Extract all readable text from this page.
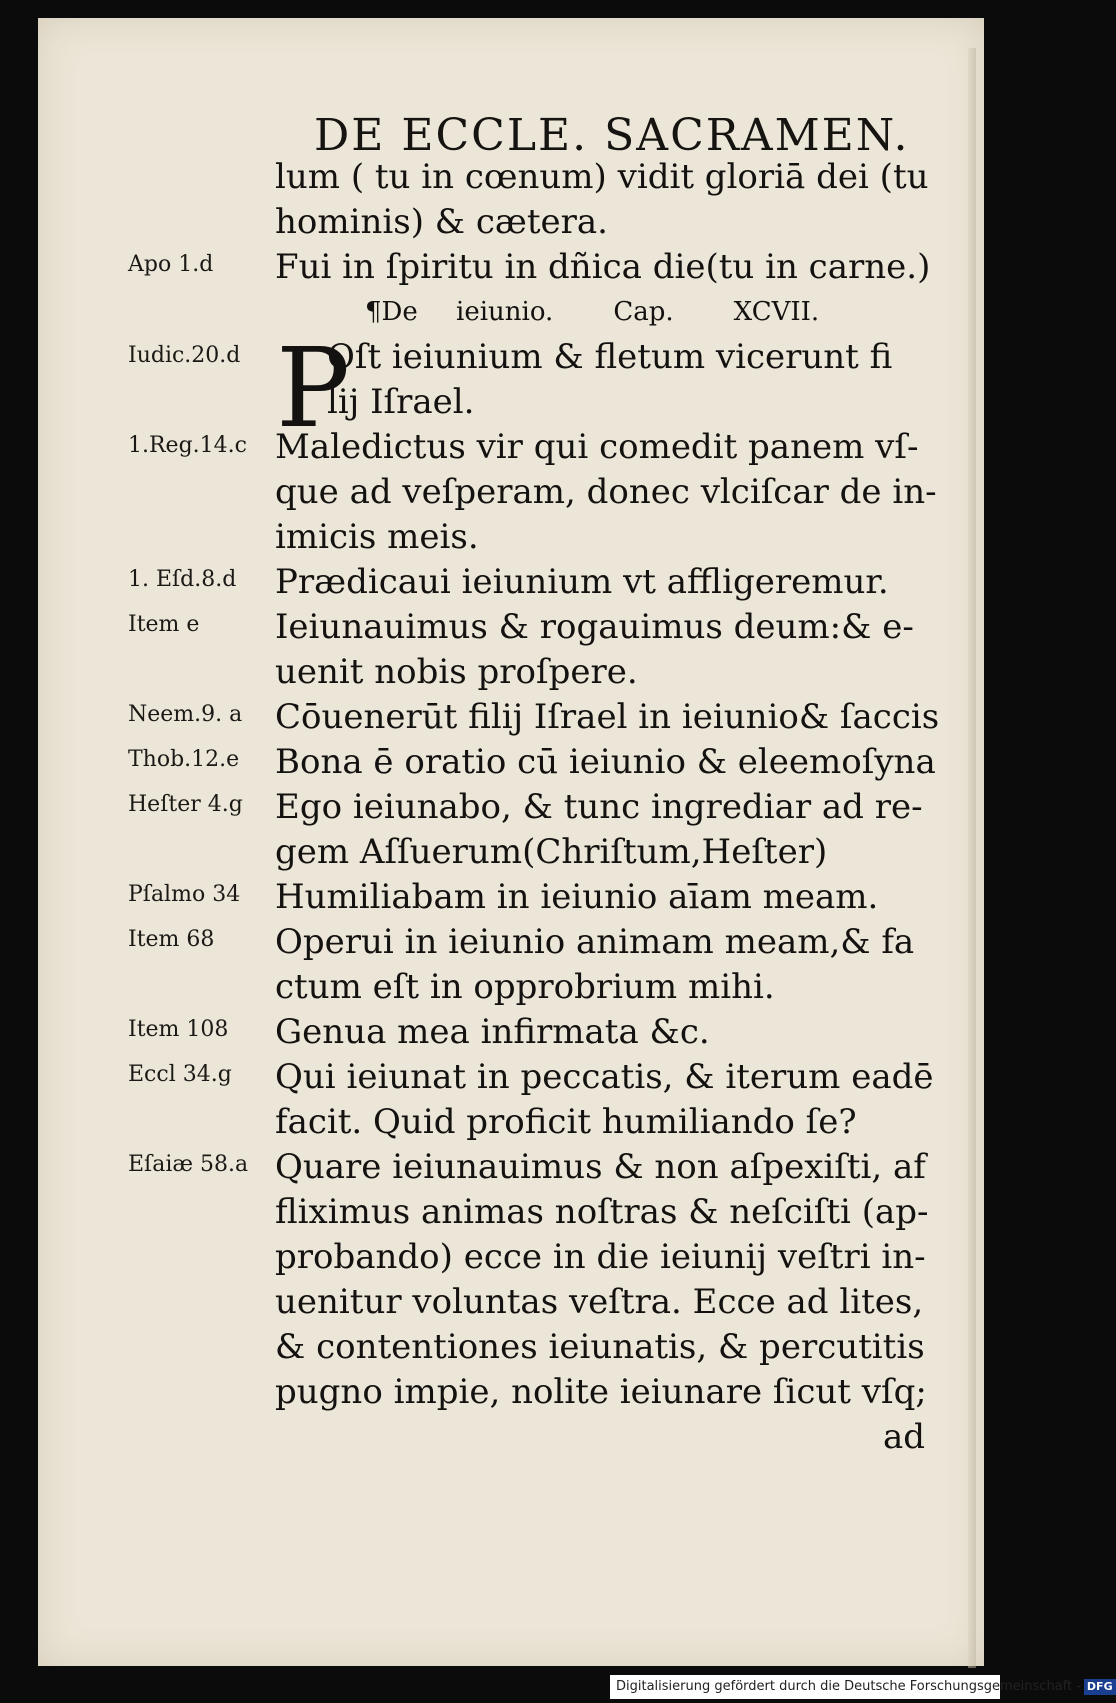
DE ECCLE. SACRAMEN.
P
lum ( tu in cœnum) vidit gloriā dei (tu
hominis) & cætera.
Fui in ſpiritu in dñica die(tu in carne.)
¶De ieiunio. Cap. XCVII.
Oſt ieiunium & fletum vicerunt fi
lij Iſrael.
Maledictus vir qui comedit panem vſ-
que ad veſperam, donec vlciſcar de in-
imicis meis.
Prædicaui ieiunium vt affligeremur.
Ieiunauimus & rogauimus deum:& e-
uenit nobis proſpere.
Cōuenerūt filij Iſrael in ieiunio& ſaccis
Bona ē oratio cū ieiunio & eleemoſyna
Ego ieiunabo, & tunc ingrediar ad re-
gem Aſſuerum(Chriſtum,Heſter)
Humiliabam in ieiunio aīam meam.
Operui in ieiunio animam meam,& fa
ctum eſt in opprobrium mihi.
Genua mea infirmata &c.
Qui ieiunat in peccatis, & iterum eadē
facit. Quid proficit humiliando ſe?
Quare ieiunauimus & non aſpexiſti, af
fliximus animas noſtras & neſciſti (ap-
probando) ecce in die ieiunij veſtri in-
uenitur voluntas veſtra. Ecce ad lites,
& contentiones ieiunatis, & percutitis
pugno impie, nolite ieiunare ſicut vſq;
ad
Apo 1.d
Iudic.20.d
1.Reg.14.c
1. Eſd.8.d
Item e
Neem.9. a
Thob.12.e
Heſter 4.g
Pſalmo 34
Item 68
Item 108
Eccl 34.g
Eſaiæ 58.a
Digitalisierung gefördert durch die Deutsche Forschungsgemeinschaft - DFG
